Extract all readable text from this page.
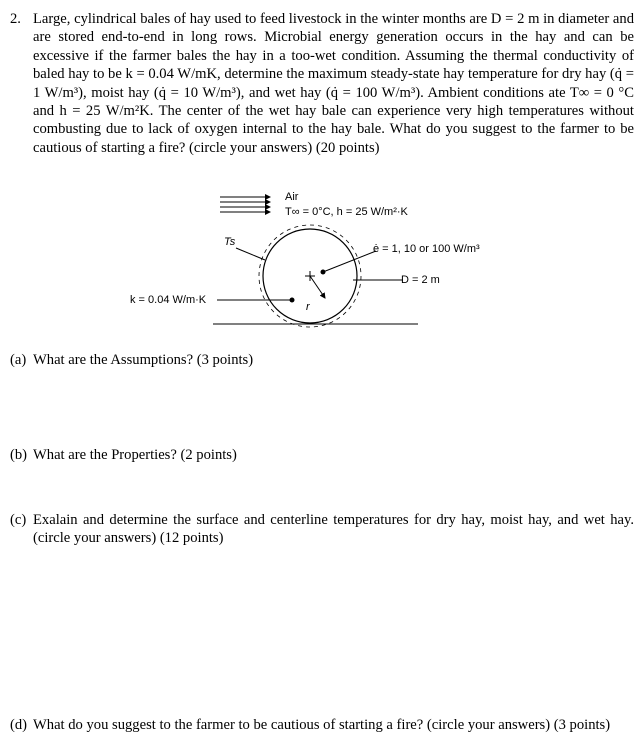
2. Large, cylindrical bales of hay used to feed livestock in the winter months are D = 2 m in diameter and are stored end-to-end in long rows. Microbial energy generation occurs in the hay and can be excessive if the farmer bales the hay in a too-wet condition. Assuming the thermal conductivity of baled hay to be k = 0.04 W/mK, determine the maximum steady-state hay temperature for dry hay (q̇ = 1 W/m³), moist hay (q̇ = 10 W/m³), and wet hay (q̇ = 100 W/m³). Ambient conditions ate T∞ = 0 °C and h = 25 W/m²K. The center of the wet hay bale can experience very high temperatures without combusting due to lack of oxygen internal to the hay bale. What do you suggest to the farmer to be cautious of starting a fire? (circle your answers) (20 points)
Air
T∞ = 0°C, h = 25 W/m²·K
Ts
ė = 1, 10 or 100 W/m³
D = 2 m
k = 0.04 W/m·K
r
(a) What are the Assumptions? (3 points)
(b) What are the Properties? (2 points)
(c) Exalain and determine the surface and centerline temperatures for dry hay, moist hay, and wet hay. (circle your answers) (12 points)
(d) What do you suggest to the farmer to be cautious of starting a fire? (circle your answers) (3 points)
